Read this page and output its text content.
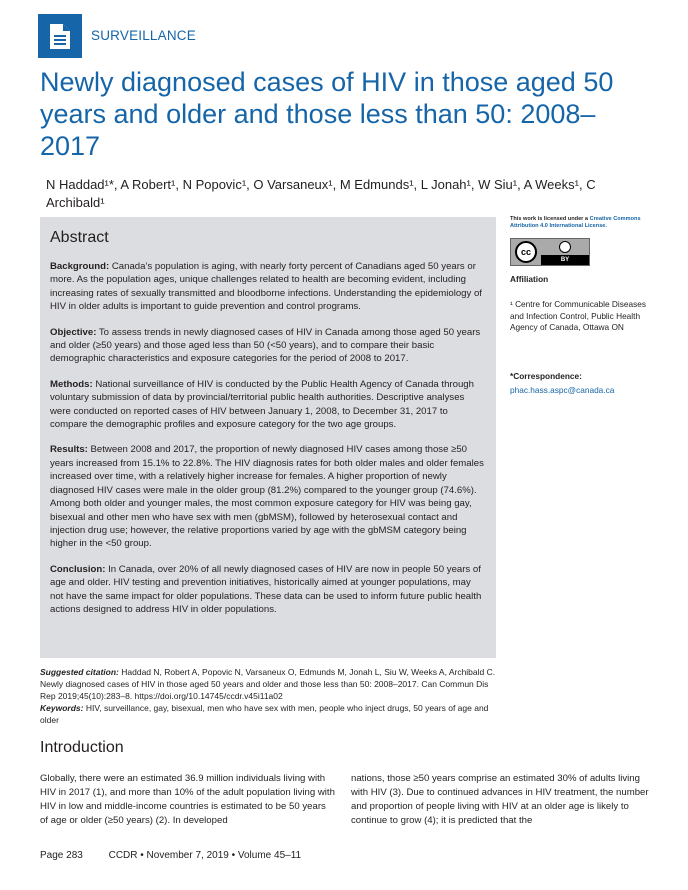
SURVEILLANCE
Newly diagnosed cases of HIV in those aged 50 years and older and those less than 50: 2008–2017
N Haddad¹*, A Robert¹, N Popovic¹, O Varsaneux¹, M Edmunds¹, L Jonah¹, W Siu¹, A Weeks¹, C Archibald¹
Abstract

Background: Canada’s population is aging, with nearly forty percent of Canadians aged 50 years or more. As the population ages, unique challenges related to health are becoming evident, including increasing rates of sexually transmitted and bloodborne infections. Understanding the epidemiology of HIV in older adults is important to guide prevention and control programs.

Objective: To assess trends in newly diagnosed cases of HIV in Canada among those aged 50 years and older (≥50 years) and those aged less than 50 (<50 years), and to compare their basic demographic characteristics and exposure categories for the period of 2008 to 2017.

Methods: National surveillance of HIV is conducted by the Public Health Agency of Canada through voluntary submission of data by provincial/territorial public health authorities. Descriptive analyses were conducted on reported cases of HIV between January 1, 2008, to December 31, 2017 to compare the demographic profiles and exposure category for the two age groups.

Results: Between 2008 and 2017, the proportion of newly diagnosed HIV cases among those ≥50 years increased from 15.1% to 22.8%. The HIV diagnosis rates for both older males and older females increased over time, with a relatively higher increase for females. A higher proportion of newly diagnosed HIV cases were male in the older group (81.2%) compared to the younger group (74.6%). Among both older and younger males, the most common exposure category for HIV was being gay, bisexual and other men who have sex with men (gbMSM), followed by heterosexual contact and injection drug use; however, the relative proportions varied by age with the gbMSM category being higher in the <50 group.

Conclusion: In Canada, over 20% of all newly diagnosed cases of HIV are now in people 50 years of age and older. HIV testing and prevention initiatives, historically aimed at younger populations, may not have the same impact for older populations. These data can be used to inform future public health actions designed to address HIV in older populations.

This work is licensed under a Creative Commons Attribution 4.0 International License.
cc
BY
Affiliation
¹ Centre for Communicable Diseases and Infection Control, Public Health Agency of Canada, Ottawa ON
*Correspondence: phac.hass.aspc@canada.ca
Suggested citation: Haddad N, Robert A, Popovic N, Varsaneux O, Edmunds M, Jonah L, Siu W, Weeks A, Archibald C. Newly diagnosed cases of HIV in those aged 50 years and older and those less than 50: 2008–2017. Can Commun Dis Rep 2019;45(10):283–8. https://doi.org/10.14745/ccdr.v45i11a02
Keywords: HIV, surveillance, gay, bisexual, men who have sex with men, people who inject drugs, 50 years of age and older
Introduction
Globally, there were an estimated 36.9 million individuals living with HIV in 2017 (1), and more than 10% of the adult population living with HIV in low and middle-income countries is estimated to be 50 years of age or older (≥50 years) (2). In developed
nations, those ≥50 years comprise an estimated 30% of adults living with HIV (3). Due to continued advances in HIV treatment, the number and proportion of people living with HIV at an older age is likely to continue to grow (4); it is predicted that the
Page 283	CCDR • November 7, 2019 • Volume 45–11
